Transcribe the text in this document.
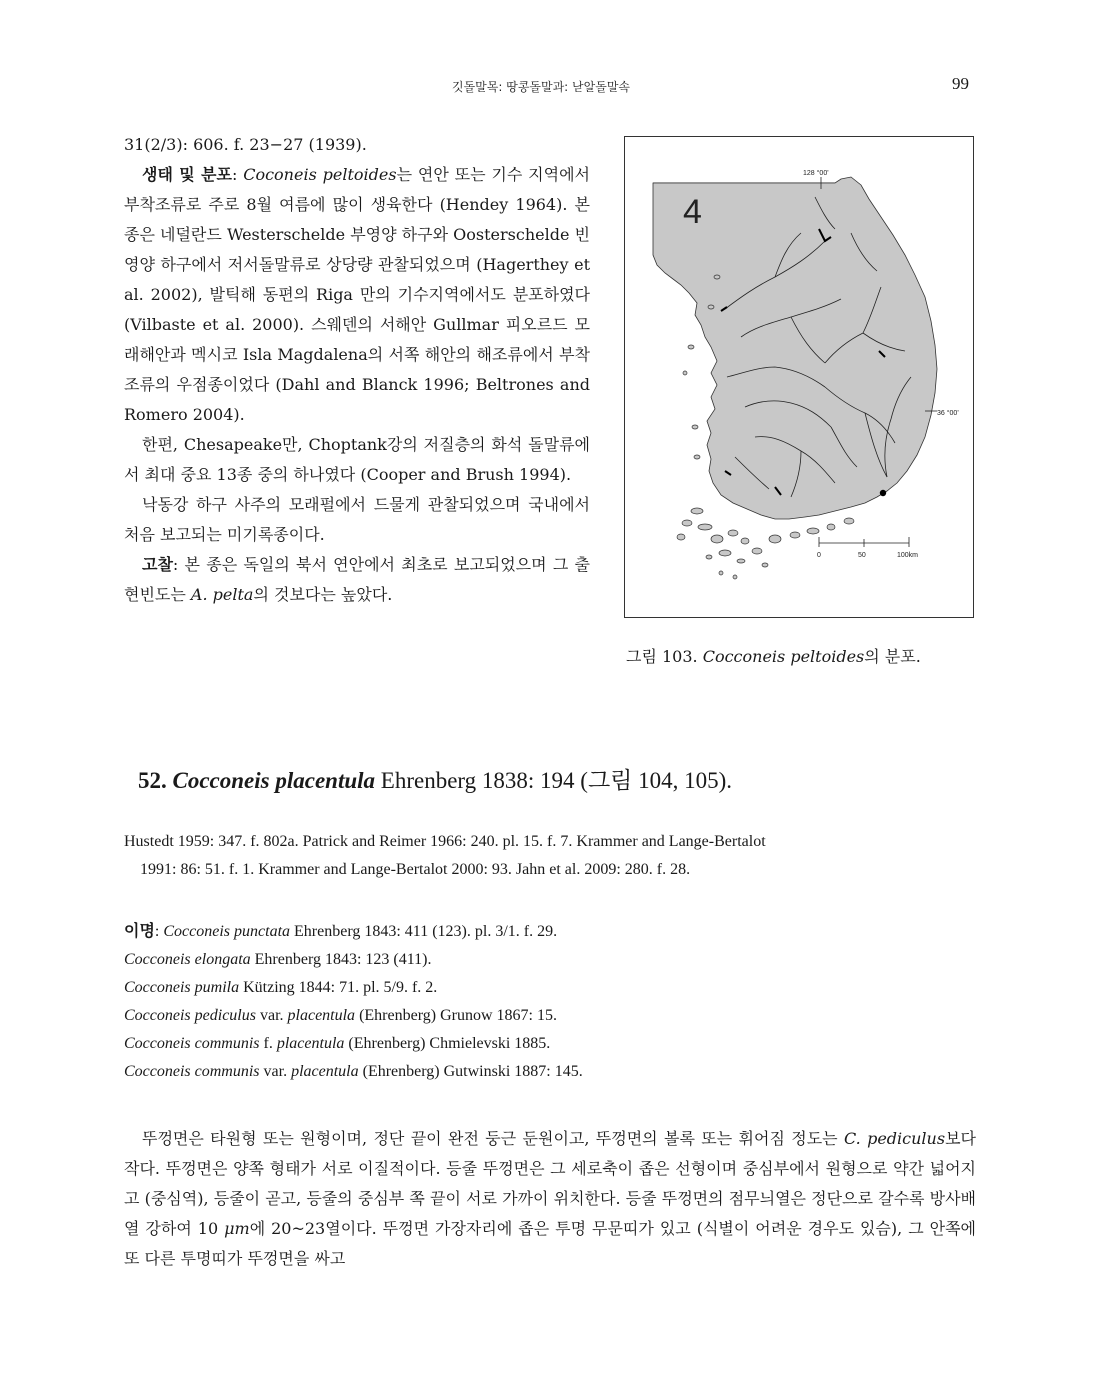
깃돌말목: 땅콩돌말과: 낟알돌말속	99

31(2/3): 606. f. 23−27 (1939).

생태 및 분포: Coconeis peltoides는 연안 또는 기수 지역에서 부착조류로 주로 8월 여름에 많이 생육한다 (Hendey 1964). 본 종은 네덜란드 Westerschelde 부영양 하구와 Oosterschelde 빈영양 하구에서 저서돌말류로 상당량 관찰되었으며 (Hagerthey et al. 2002), 발틱해 동편의 Riga 만의 기수지역에서도 분포하였다 (Vilbaste et al. 2000). 스웨덴의 서해안 Gullmar 피오르드 모래해안과 멕시코 Isla Magdalena의 서쪽 해안의 해조류에서 부착조류의 우점종이었다 (Dahl and Blanck 1996; Beltrones and Romero 2004).

한편, Chesapeake만, Choptank강의 저질층의 화석 돌말류에서 최대 중요 13종 중의 하나였다 (Cooper and Brush 1994).

낙동강 하구 사주의 모래펄에서 드물게 관찰되었으며 국내에서 처음 보고되는 미기록종이다.

고찰: 본 종은 독일의 북서 연안에서 최초로 보고되었으며 그 출현빈도는 A. pelta의 것보다는 높았다.

4
128 °00'
36 °00'
0	50	100km
그림 103. Cocconeis peltoides의 분포.
52. Cocconeis placentula Ehrenberg 1838: 194 (그림 104, 105).
Hustedt 1959: 347. f. 802a. Patrick and Reimer 1966: 240. pl. 15. f. 7. Krammer and Lange-Bertalot
1991: 86: 51. f. 1. Krammer and Lange-Bertalot 2000: 93. Jahn et al. 2009: 280. f. 28.
이명: Cocconeis punctata Ehrenberg 1843: 411 (123). pl. 3/1. f. 29.
Cocconeis elongata Ehrenberg 1843: 123 (411).
Cocconeis pumila Kützing 1844: 71. pl. 5/9. f. 2.
Cocconeis pediculus var. placentula (Ehrenberg) Grunow 1867: 15.
Cocconeis communis f. placentula (Ehrenberg) Chmielevski 1885.
Cocconeis communis var. placentula (Ehrenberg) Gutwinski 1887: 145.

뚜껑면은 타원형 또는 원형이며, 정단 끝이 완전 둥근 둔원이고, 뚜껑면의 볼록 또는 휘어짐 정도는 C. pediculus보다 작다. 뚜껑면은 양쪽 형태가 서로 이질적이다. 등줄 뚜껑면은 그 세로축이 좁은 선형이며 중심부에서 원형으로 약간 넓어지고 (중심역), 등줄이 곧고, 등줄의 중심부 쪽 끝이 서로 가까이 위치한다. 등줄 뚜껑면의 점무늬열은 정단으로 갈수록 방사배열 강하여 10 μm에 20~23열이다. 뚜껑면 가장자리에 좁은 투명 무문띠가 있고 (식별이 어려운 경우도 있슴), 그 안쪽에 또 다른 투명띠가 뚜껑면을 싸고
